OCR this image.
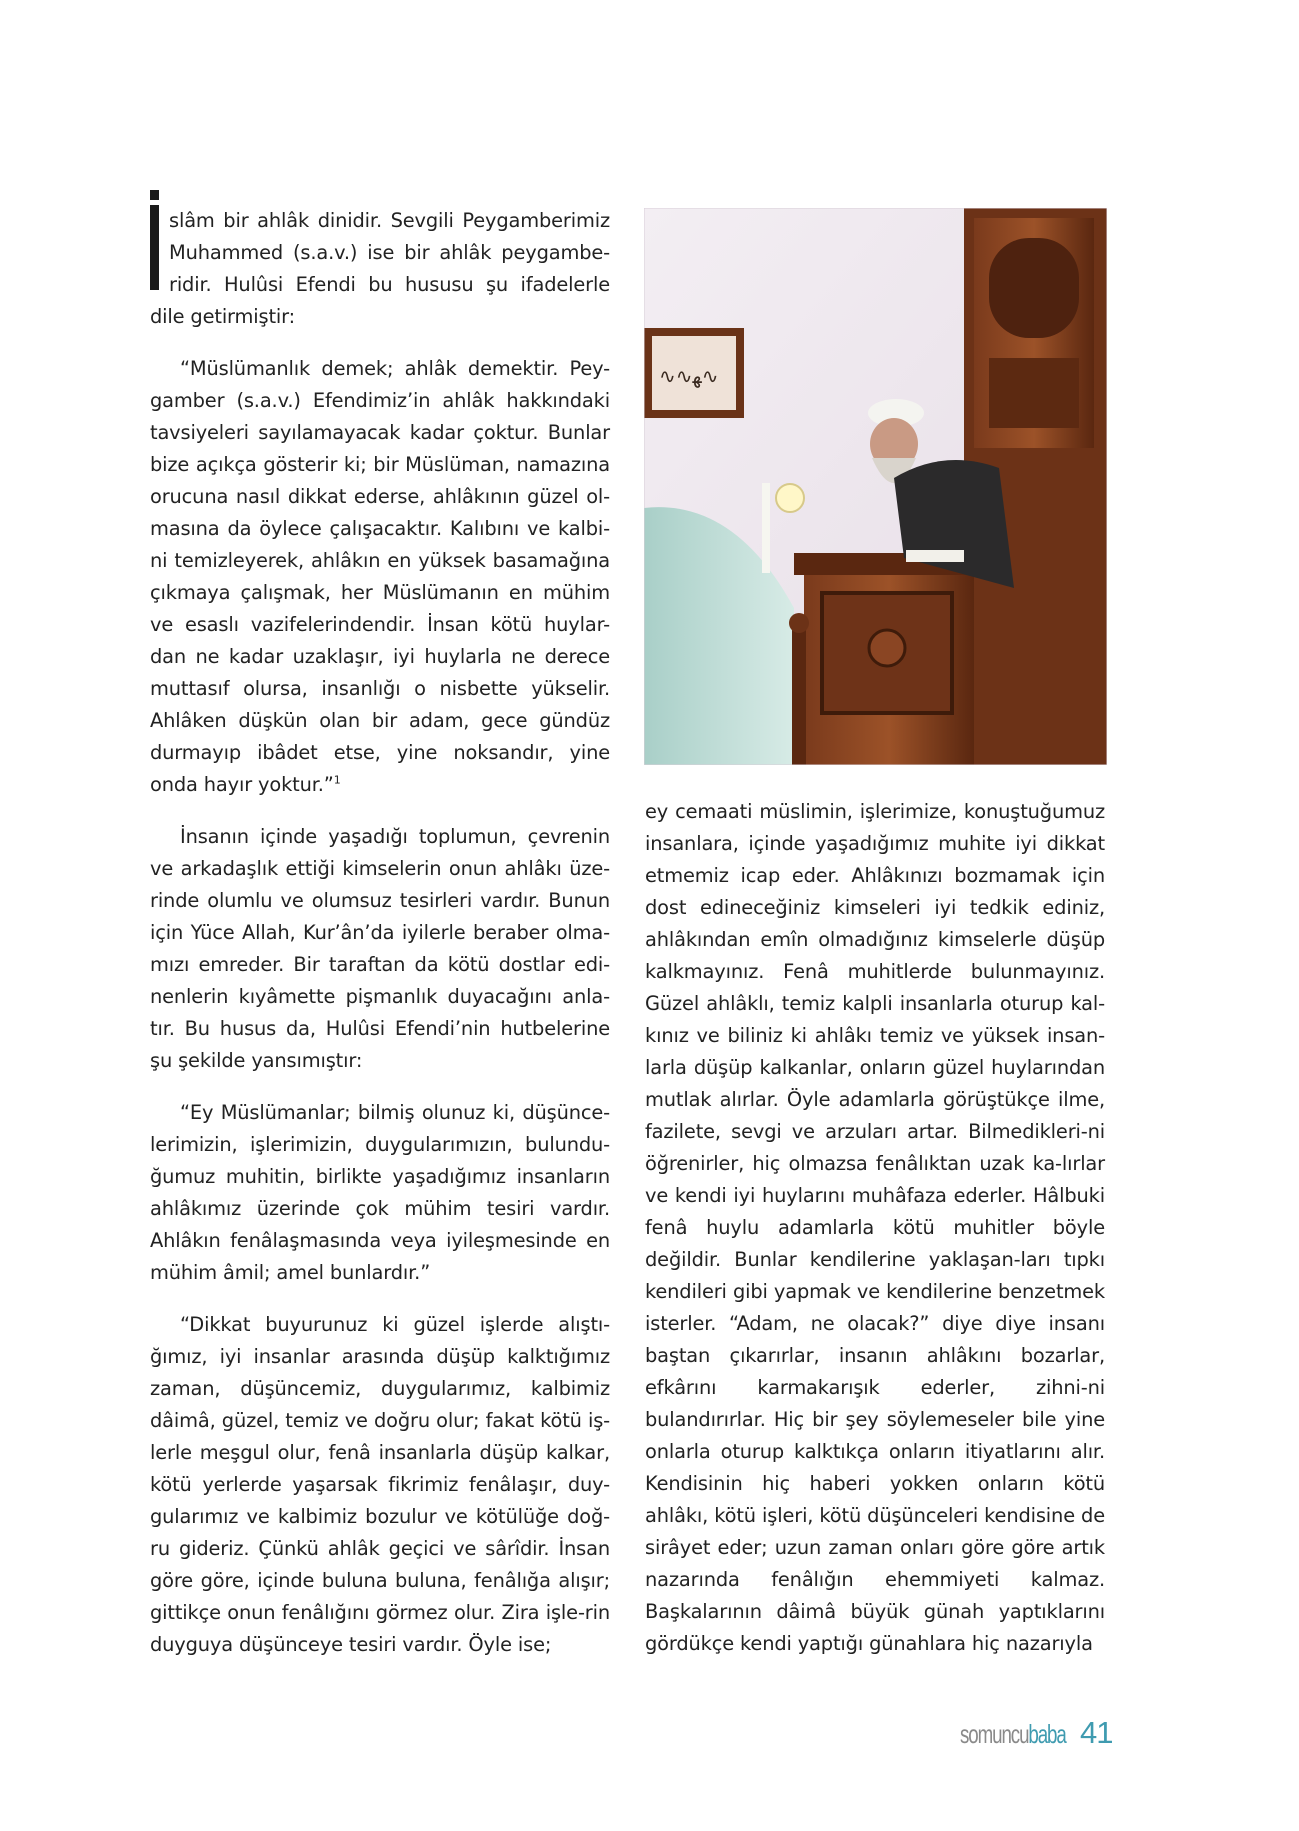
slâm bir ahlâk dinidir. Sevgili Peygamberimiz Muhammed (s.a.v.) ise bir ahlâk peygambe-ridir. Hulûsi Efendi bu hususu şu ifadelerle dile getirmiştir:

“Müslümanlık demek; ahlâk demektir. Pey-gamber (s.a.v.) Efendimiz’in ahlâk hakkındaki tavsiyeleri sayılamayacak kadar çoktur. Bunlar bize açıkça gösterir ki; bir Müslüman, namazına orucuna nasıl dikkat ederse, ahlâkının güzel ol-masına da öylece çalışacaktır. Kalıbını ve kalbi-ni temizleyerek, ahlâkın en yüksek basamağına çıkmaya çalışmak, her Müslümanın en mühim ve esaslı vazifelerindendir. İnsan kötü huylar-dan ne kadar uzaklaşır, iyi huylarla ne derece muttasıf olursa, insanlığı o nisbette yükselir. Ahlâken düşkün olan bir adam, gece gündüz durmayıp ibâdet etse, yine noksandır, yine onda hayır yoktur.”$^1$

İnsanın içinde yaşadığı toplumun, çevrenin ve arkadaşlık ettiği kimselerin onun ahlâkı üze-rinde olumlu ve olumsuz tesirleri vardır. Bunun için Yüce Allah, Kur’ân’da iyilerle beraber olma-mızı emreder. Bir taraftan da kötü dostlar edi-nenlerin kıyâmette pişmanlık duyacağını anla-tır. Bu husus da, Hulûsi Efendi’nin hutbelerine şu şekilde yansımıştır:

“Ey Müslümanlar; bilmiş olunuz ki, düşünce-lerimizin, işlerimizin, duygularımızın, bulundu-ğumuz muhitin, birlikte yaşadığımız insanların ahlâkımız üzerinde çok mühim tesiri vardır. Ahlâkın fenâlaşmasında veya iyileşmesinde en mühim âmil; amel bunlardır.”

“Dikkat buyurunuz ki güzel işlerde alıştı-ğımız, iyi insanlar arasında düşüp kalktığımız zaman, düşüncemiz, duygularımız, kalbimiz dâimâ, güzel, temiz ve doğru olur; fakat kötü iş-lerle meşgul olur, fenâ insanlarla düşüp kalkar, kötü yerlerde yaşarsak fikrimiz fenâlaşır, duy-gularımız ve kalbimiz bozulur ve kötülüğe doğ-ru gideriz. Çünkü ahlâk geçici ve sârîdir. İnsan göre göre, içinde buluna buluna, fenâlığa alışır; gittikçe onun fenâlığını görmez olur. Zira işle-rin duyguya düşünceye tesiri vardır. Öyle ise;

∿∿ﮭ∿

ey cemaati müslimin, işlerimize, konuştuğumuz insanlara, içinde yaşadığımız muhite iyi dikkat etmemiz icap eder. Ahlâkınızı bozmamak için dost edineceğiniz kimseleri iyi tedkik ediniz, ahlâkından emîn olmadığınız kimselerle düşüp kalkmayınız. Fenâ muhitlerde bulunmayınız. Güzel ahlâklı, temiz kalpli insanlarla oturup kal-kınız ve biliniz ki ahlâkı temiz ve yüksek insan-larla düşüp kalkanlar, onların güzel huylarından mutlak alırlar. Öyle adamlarla görüştükçe ilme, fazilete, sevgi ve arzuları artar. Bilmedikleri-ni öğrenirler, hiç olmazsa fenâlıktan uzak ka-lırlar ve kendi iyi huylarını muhâfaza ederler. Hâlbuki fenâ huylu adamlarla kötü muhitler böyle değildir. Bunlar kendilerine yaklaşan-ları tıpkı kendileri gibi yapmak ve kendilerine benzetmek isterler. “Adam, ne olacak?” diye diye insanı baştan çıkarırlar, insanın ahlâkını bozarlar, efkârını karmakarışık ederler, zihni-ni bulandırırlar. Hiç bir şey söylemeseler bile yine onlarla oturup kalktıkça onların itiyatlarını alır. Kendisinin hiç haberi yokken onların kötü ahlâkı, kötü işleri, kötü düşünceleri kendisine de sirâyet eder; uzun zaman onları göre göre artık nazarında fenâlığın ehemmiyeti kalmaz. Başkalarının dâimâ büyük günah yaptıklarını gördükçe kendi yaptığı günahlara hiç nazarıyla

somuncubaba 41
